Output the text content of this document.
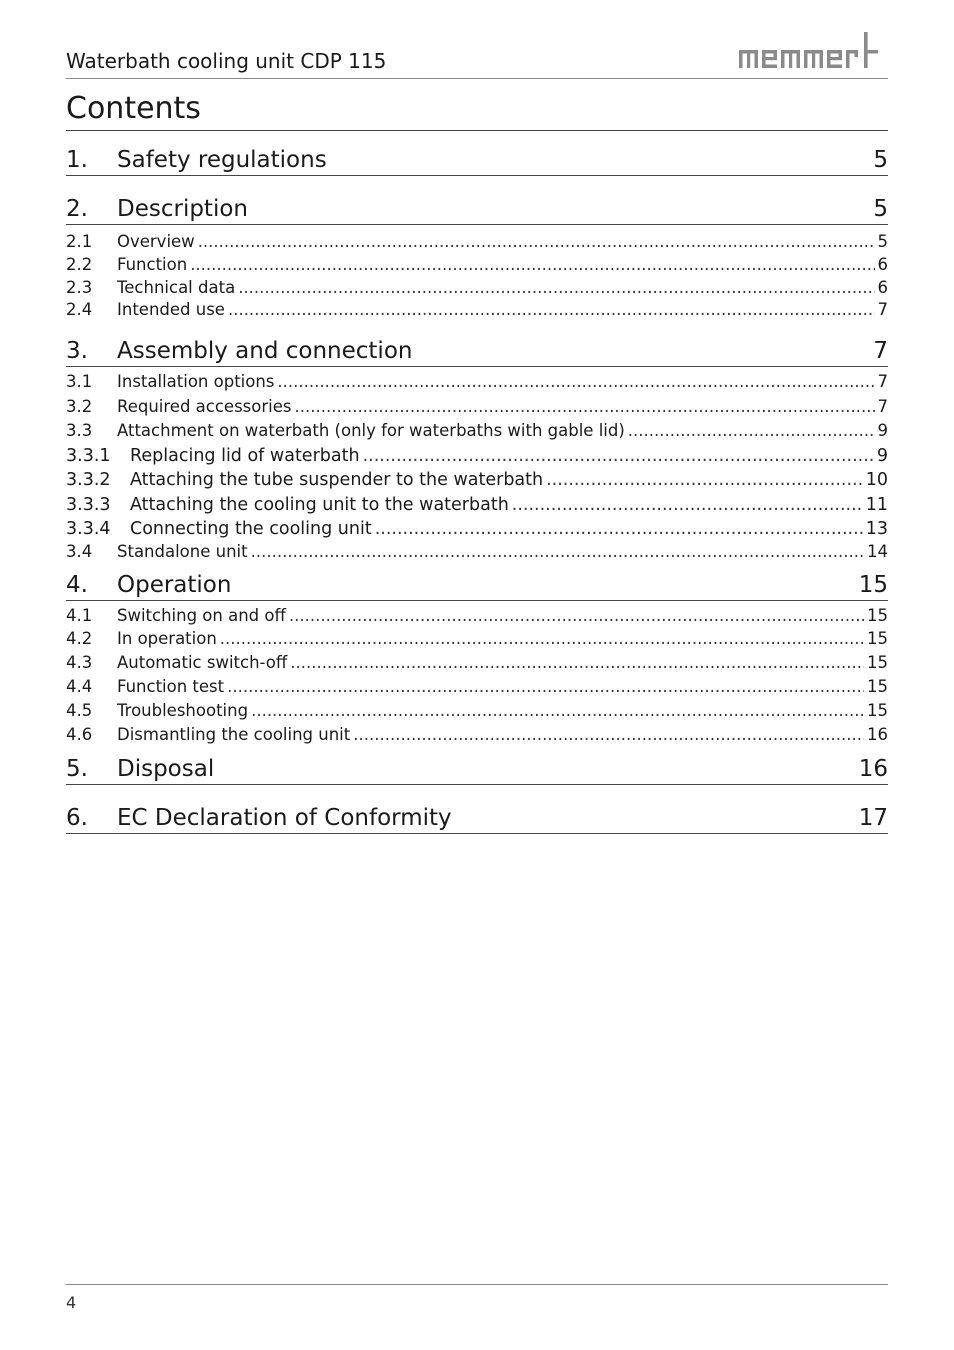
Waterbath cooling unit CDP 115
Contents
1.	Safety regulations	5
2.	Description	5
2.1	Overview .....	5
2.2	Function .....	6
2.3	Technical data .....	6
2.4	Intended use .....	7
3.	Assembly and connection	7
3.1	Installation options .....	7
3.2	Required accessories .....	7
3.3	Attachment on waterbath (only for waterbaths with gable lid) .....	9
3.3.1	Replacing lid of waterbath .....	9
3.3.2	Attaching the tube suspender to the waterbath .....	10
3.3.3	Attaching the cooling unit to the waterbath .....	11
3.3.4	Connecting the cooling unit .....	13
3.4	Standalone unit .....	14
4.	Operation	15
4.1	Switching on and off .....	15
4.2	In operation .....	15
4.3	Automatic switch-off .....	15
4.4	Function test .....	15
4.5	Troubleshooting .....	15
4.6	Dismantling the cooling unit .....	16
5.	Disposal	16
6.	EC Declaration of Conformity	17
4
